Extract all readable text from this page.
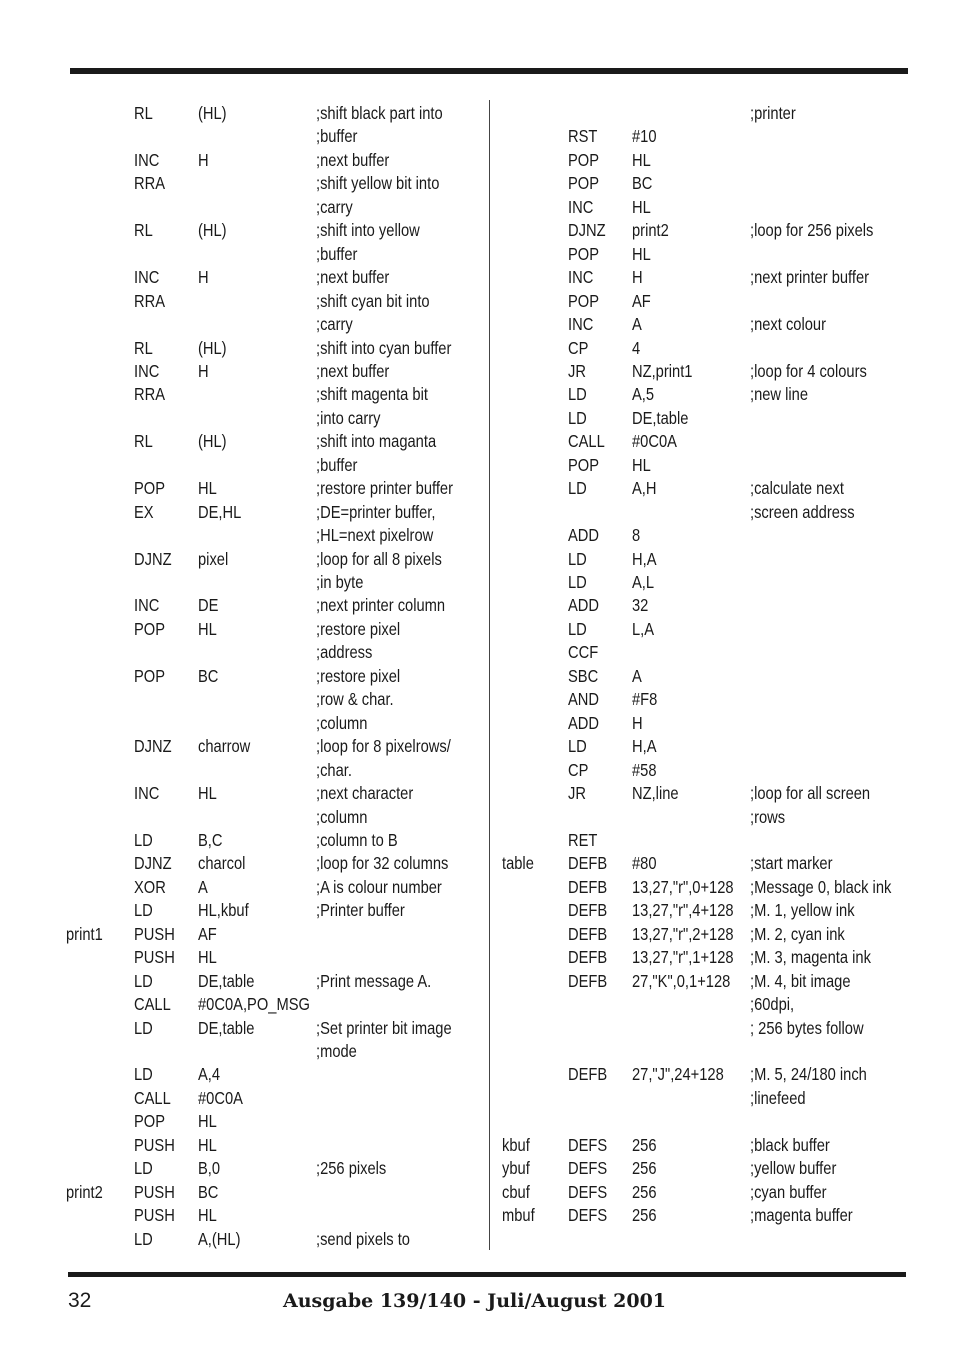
RL	(HL)	;shift black part into
;buffer
INC H	;next buffer
RRA	;shift yellow bit into
;carry
RL	(HL)	;shift into yellow
;buffer
INC H	;next buffer
RRA	;shift cyan bit into
;carry
RL	(HL)	;shift into cyan buffer
INC H	;next buffer
RRA	;shift magenta bit
;into carry
RL	(HL)	;shift into maganta
;buffer
POP HL	;restore printer buffer
EX	DE,HL	;DE=printer buffer,
;HL=next pixelrow
DJNZ pixel	;loop for all 8 pixels
;in byte
INC DE	;next printer column
POP HL	;restore pixel
;address
POP BC	;restore pixel
;row & char.
;column
DJNZ charrow	;loop for 8 pixelrows/
;char.
INC HL	;next character
;column
LD	B,C	;column to B
DJNZ charcol	;loop for 32 columns
XOR A	;A is colour number
LD	HL,kbuf	;Printer buffer
print1 PUSH AF
PUSH HL
LD	DE,table	;Print message A.
CALL #0C0A,PO_MSG
LD	DE,table	;Set printer bit image
;mode
LD	A,4
CALL #0C0A
POP HL
PUSH HL
LD	B,0	;256 pixels
print2 PUSH BC
PUSH HL
LD	A,(HL)	;send pixels to
;printer
RST #10
POP HL
POP BC
INC HL
DJNZ print2	;loop for 256 pixels
POP HL
INC H	;next printer buffer
POP AF
INC A	;next colour
CP 4
JR	NZ,print1	;loop for 4 colours
LD	A,5	;new line
LD	DE,table
CALL #0C0A
POP HL
LD	A,H	;calculate next
;screen address
ADD 8
LD	H,A
LD	A,L
ADD 32
LD	L,A
CCF
SBC A
AND #F8
ADD H
LD	H,A
CP #58
JR	NZ,line	;loop for all screen
;rows
RET
table DEFB #80	;start marker
DEFB 13,27,"r",0+128 ;Message 0, black ink
DEFB 13,27,"r",4+128 ;M. 1, yellow ink
DEFB 13,27,"r",2+128 ;M. 2, cyan ink
DEFB 13,27,"r",1+128 ;M. 3, magenta ink
DEFB 27,"K",0,1+128 ;M. 4, bit image
;60dpi,
; 256 bytes follow
DEFB 27,"J",24+128 ;M. 5, 24/180 inch
;linefeed
kbuf DEFS 256	;black buffer
ybuf DEFS 256	;yellow buffer
cbuf DEFS 256	;cyan buffer
mbuf DEFS 256	;magenta buffer
32	Ausgabe 139/140 - Juli/August 2001
